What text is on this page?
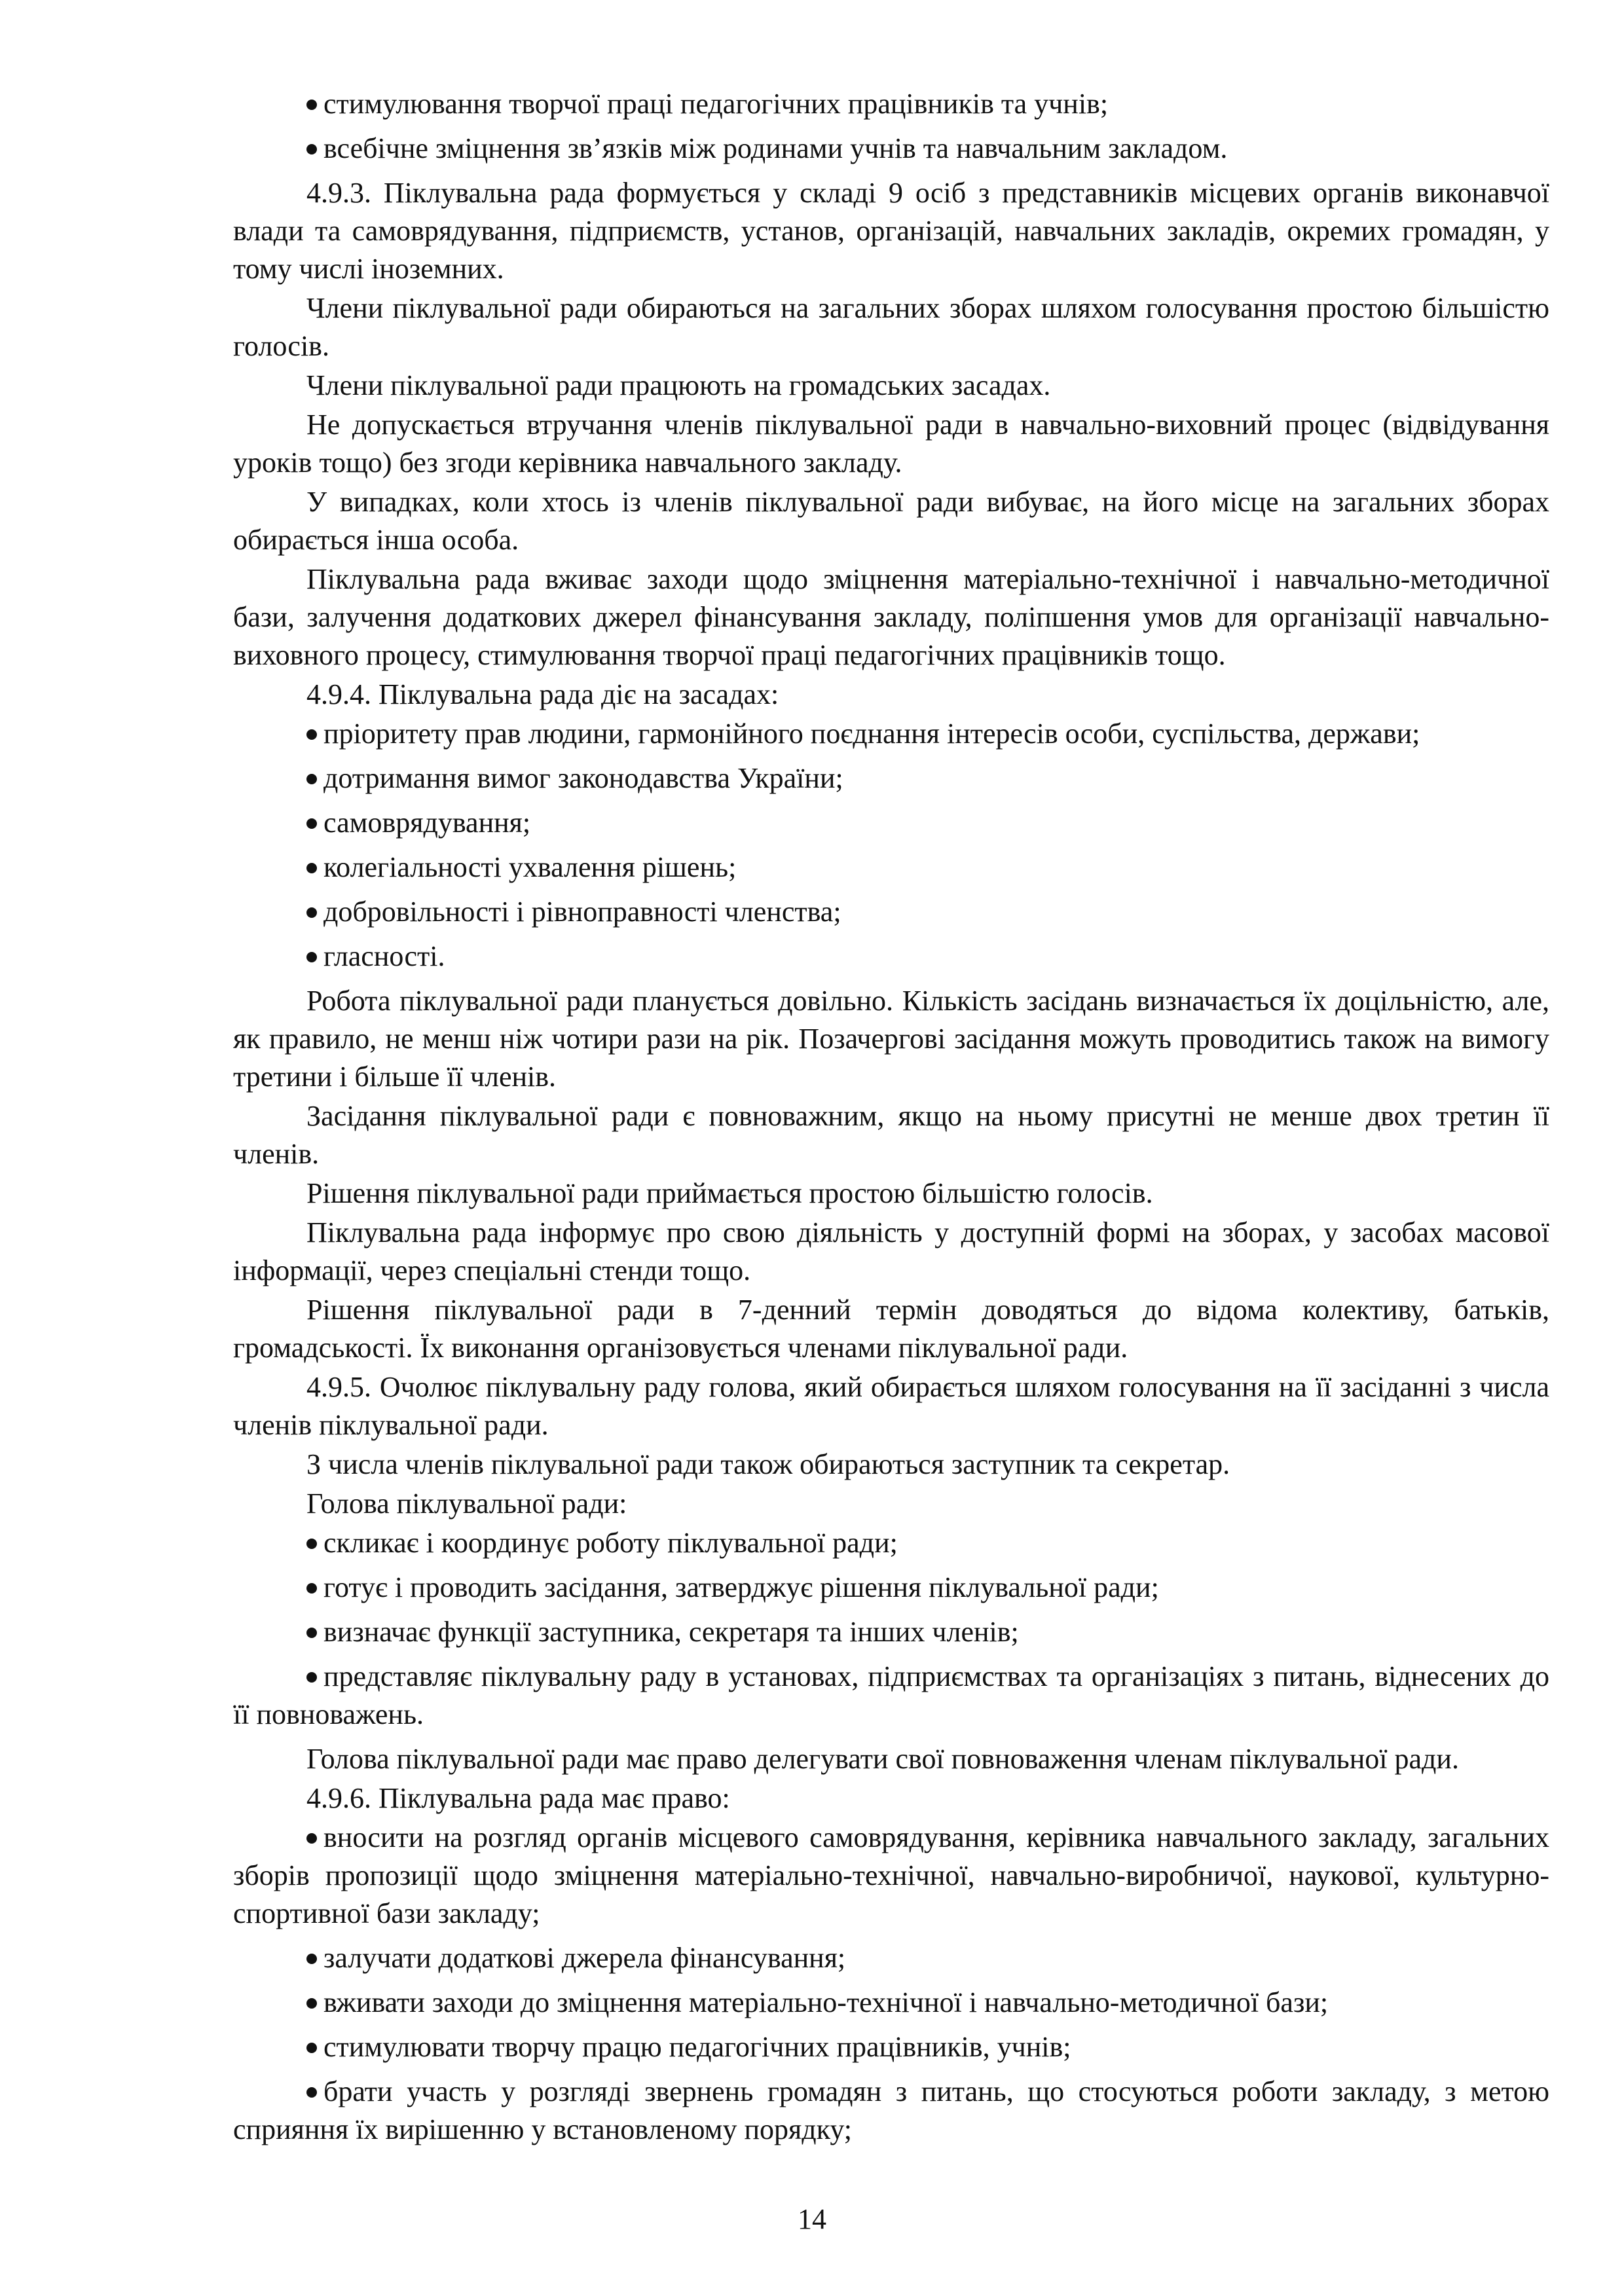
стимулювання творчої праці педагогічних працівників та учнів;
всебічне зміцнення зв’язків між родинами учнів та навчальним закладом.

4.9.3. Піклувальна рада формується у складі 9 осіб з представників місцевих органів виконавчої влади та самоврядування, підприємств, установ, організацій, навчальних закладів, окремих громадян, у тому числі іноземних.

Члени піклувальної ради обираються на загальних зборах шляхом голосування простою більшістю голосів.

Члени піклувальної ради працюють на громадських засадах.

Не допускається втручання членів піклувальної ради в навчально-виховний процес (відвідування уроків тощо) без згоди керівника навчального закладу.

У випадках, коли хтось із членів піклувальної ради вибуває, на його місце на загальних зборах обирається інша особа.

Піклувальна рада вживає заходи щодо зміцнення матеріально-технічної і навчально-методичної бази, залучення додаткових джерел фінансування закладу, поліпшення умов для організації навчально-виховного процесу, стимулювання творчої праці педагогічних працівників тощо.

4.9.4. Піклувальна рада діє на засадах:

пріоритету прав людини, гармонійного поєднання інтересів особи, суспільства, держави;
дотримання вимог законодавства України;
самоврядування;
колегіальності ухвалення рішень;
добровільності і рівноправності членства;
гласності.

Робота піклувальної ради планується довільно. Кількість засідань визначається їх доцільністю, але, як правило, не менш ніж чотири рази на рік. Позачергові засідання можуть проводитись також на вимогу третини і більше її членів.

Засідання піклувальної ради є повноважним, якщо на ньому присутні не менше двох третин її членів.

Рішення піклувальної ради приймається простою більшістю голосів.

Піклувальна рада інформує про свою діяльність у доступній формі на зборах, у засобах масової інформації, через спеціальні стенди тощо.

Рішення піклувальної ради в 7-денний термін доводяться до відома колективу, батьків, громадськості. Їх виконання організовується членами піклувальної ради.

4.9.5. Очолює піклувальну раду голова, який обирається шляхом голосування на її засіданні з числа членів піклувальної ради.

З числа членів піклувальної ради також обираються заступник та секретар.

Голова піклувальної ради:

скликає і координує роботу піклувальної ради;
готує і проводить засідання, затверджує рішення піклувальної ради;
визначає функції заступника, секретаря та інших членів;
представляє піклувальну раду в установах, підприємствах та організаціях з питань, віднесених до її повноважень.

Голова піклувальної ради має право делегувати свої повноваження членам піклувальної ради.

4.9.6. Піклувальна рада має право:

вносити на розгляд органів місцевого самоврядування, керівника навчального закладу, загальних зборів пропозиції щодо зміцнення матеріально-технічної, навчально-виробничої, наукової, культурно-спортивної бази закладу;
залучати додаткові джерела фінансування;
вживати заходи до зміцнення матеріально-технічної і навчально-методичної бази;
стимулювати творчу працю педагогічних працівників, учнів;
брати участь у розгляді звернень громадян з питань, що стосуються роботи закладу, з метою сприяння їх вирішенню у встановленому порядку;
14
